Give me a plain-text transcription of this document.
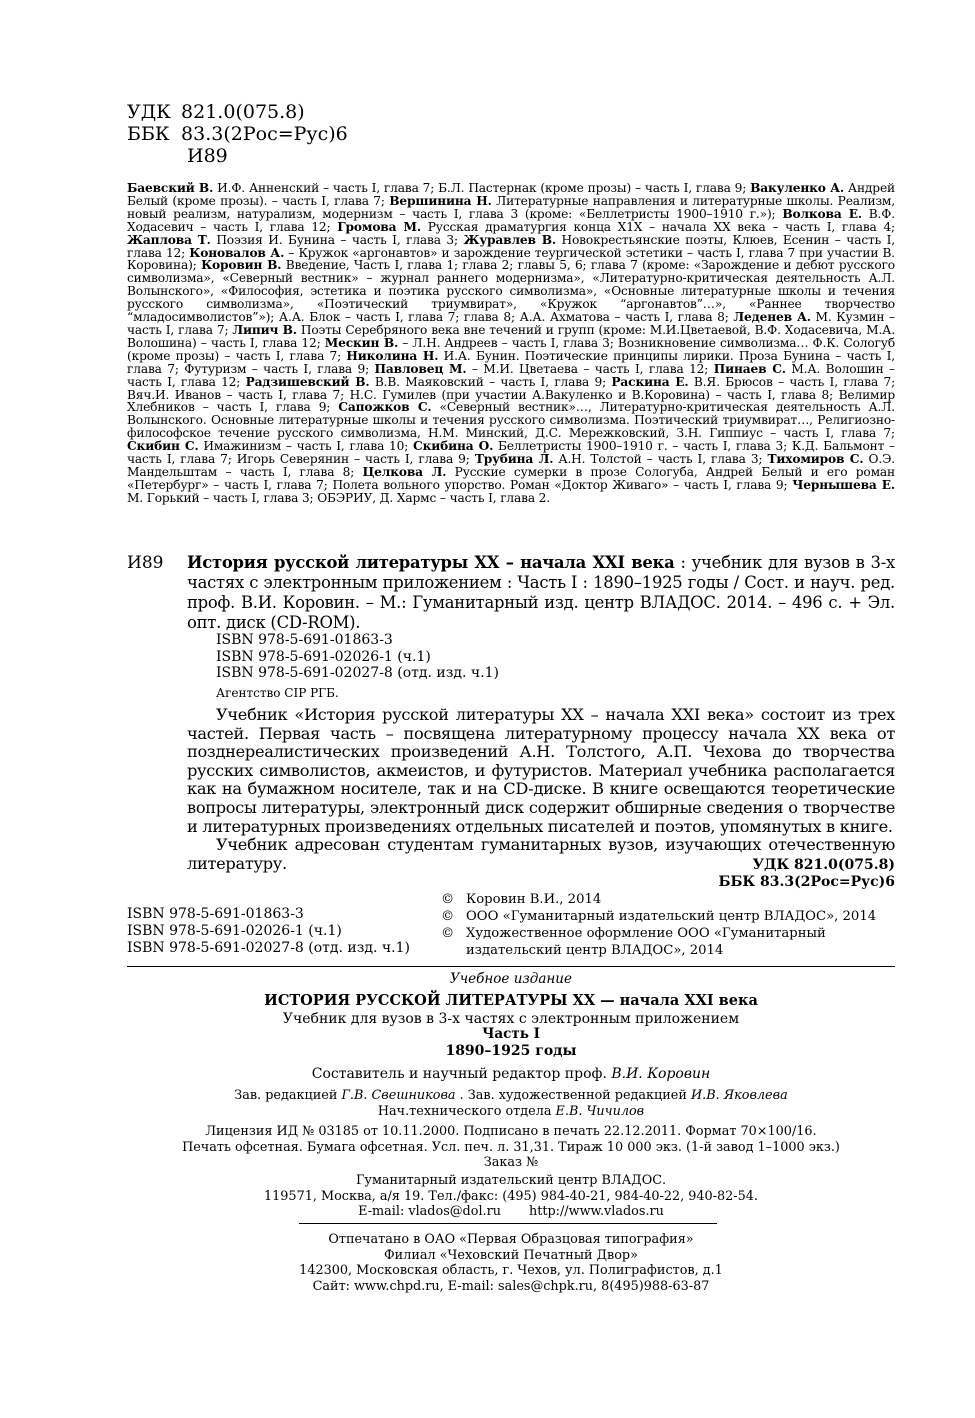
УДК
821.0(075.8)
ББК
83.3(2Рос=Рус)6
И89
Баевский В. И.Ф. Анненский – часть I, глава 7; Б.Л. Пастернак (кроме прозы) – часть I, глава 9; Вакуленко А. Андрей Белый (кроме прозы). – часть I, глава 7; Вершинина Н. Литературные направления и литературные школы. Реализм, новый реализм, натурализм, модернизм – часть I, глава 3 (кроме: «Беллетристы 1900–1910 г.»); Волкова Е. В.Ф. Ходасевич – часть I, глава 12; Громова М. Русская драматургия конца X1X – начала XX века – часть I, глава 4; Жаплова Т. Поэзия И. Бунина – часть I, глава 3; Журавлев В. Новокрестьянские поэты, Клюев, Есенин – часть I, глава 12; Коновалов А. – Кружок «аргонавтов» и зарождение теургической эстетики – часть I, глава 7 при участии В. Коровина); Коровин В. Введение, Часть I, глава 1; глава 2; главы 5, 6; глава 7 (кроме: «Зарождение и дебют русского символизма», «Северный вестник» – журнал раннего модернизма», «Литературно-критическая деятельность А.Л. Волынского», «Философия, эстетика и поэтика русского символизма», «Основные литературные школы и течения русского символизма», «Поэтический триумвират», «Кружок “аргонавтов”…», «Раннее творчество “младосимволистов”»); А.А. Блок – часть I, глава 7; глава 8; А.А. Ахматова – часть I, глава 8; Леденев А. М. Кузмин – часть I, глава 7; Липич В. Поэты Серебряного века вне течений и групп (кроме: М.И.Цветаевой, В.Ф. Ходасевича, М.А. Волошина) – часть I, глава 12; Мескин В. – Л.Н. Андреев – часть I, глава 3; Возникновение символизма… Ф.К. Сологуб (кроме прозы) – часть I, глава 7; Николина Н. И.А. Бунин. Поэтические принципы лирики. Проза Бунина – часть I, глава 7; Футуризм – часть I, глава 9; Павловец М. – М.И. Цветаева – часть I, глава 12; Пинаев С. М.А. Волошин – часть I, глава 12; Радзишевский В. В.В. Маяковский – часть I, глава 9; Раскина Е. В.Я. Брюсов – часть I, глава 7; Вяч.И. Иванов – часть I, глава 7; Н.С. Гумилев (при участии А.Вакуленко и В.Коровина) – часть I, глава 8; Велимир Хлебников – часть I, глава 9; Сапожков С. «Северный вестник»…, Литературно-критическая деятельность А.Л. Волынского. Основные литературные школы и течения русского символизма. Поэтический триумвират…, Религиозно-философское течение русского символизма, Н.М. Минский, Д.С. Мережковский, З.Н. Гиппиус – часть I, глава 7; Скибин С. Имажинизм – часть I, глава 10; Скибина О. Беллетристы 1900–1910 г. – часть I, глава 3; К.Д. Бальмонт – часть I, глава 7; Игорь Северянин – часть I, глава 9; Трубина Л. А.Н. Толстой – часть I, глава 3; Тихомиров С. О.Э. Мандельштам – часть I, глава 8; Целкова Л. Русские сумерки в прозе Сологуба, Андрей Белый и его роман «Петербург» – часть I, глава 7; Полета вольного упорство. Роман «Доктор Живаго» – часть I, глава 9; Чернышева Е. М. Горький – часть I, глава 3; ОБЭРИУ, Д. Хармс – часть I, глава 2.
И89 История русской литературы XX – начала XXI века : учебник для вузов в 3-х частях с электронным приложением : Часть I : 1890–1925 годы / Сост. и науч. ред. проф. В.И. Коровин. – М.: Гуманитарный изд. центр ВЛАДОС. 2014. – 496 с. + Эл. опт. диск (CD-ROM).
ISBN 978-5-691-01863-3
ISBN 978-5-691-02026-1 (ч.1)
ISBN 978-5-691-02027-8 (отд. изд. ч.1)
Агентство CIP РГБ.

Учебник «История русской литературы XX – начала XXI века» состоит из трех частей. Первая часть – посвящена литературному процессу начала XX века от позднереалистических произведений А.Н. Толстого, А.П. Чехова до творчества русских символистов, акмеистов, и футуристов. Материал учебника располагается как на бумажном носителе, так и на CD-диске. В книге освещаются теоретические вопросы литературы, электронный диск содержит обширные сведения о творчестве и литературных произведениях отдельных писателей и поэтов, упомянутых в книге.

Учебник адресован студентам гуманитарных вузов, изучающих отечественную литературу.	УДК 821.0(075.8)
ББК 83.3(2Рос=Рус)6
ISBN 978-5-691-01863-3
ISBN 978-5-691-02026-1 (ч.1)
ISBN 978-5-691-02027-8 (отд. изд. ч.1)
© Коровин В.И., 2014
© ООО «Гуманитарный издательский центр ВЛАДОС», 2014
© Художественное оформление ООО «Гуманитарный издательский центр ВЛАДОС», 2014
Учебное издание
ИСТОРИЯ РУССКОЙ ЛИТЕРАТУРЫ XX — начала XXI века
Учебник для вузов в 3-х частях с электронным приложением
Часть I
1890–1925 годы
Составитель и научный редактор проф. В.И. Коровин
Зав. редакцией Г.В. Свешникова . Зав. художественной редакцией И.В. Яковлева
Нач.технического отдела Е.В. Чичилов
Лицензия ИД № 03185 от 10.11.2000. Подписано в печать 22.12.2011. Формат 70×100/16.
Печать офсетная. Бумага офсетная. Усл. печ. л. 31,31. Тираж 10 000 экз. (1-й завод 1–1000 экз.)
Заказ №
Гуманитарный издательский центр ВЛАДОС.
119571, Москва, а/я 19. Тел./факс: (495) 984-40-21, 984-40-22, 940-82-54.
E-mail: vlados@dol.ru http://www.vlados.ru
Отпечатано в ОАО «Первая Образцовая типография»
Филиал «Чеховский Печатный Двор»
142300, Московская область, г. Чехов, ул. Полиграфистов, д.1
Сайт: www.chpd.ru, E-mail: sales@chpk.ru, 8(495)988-63-87
